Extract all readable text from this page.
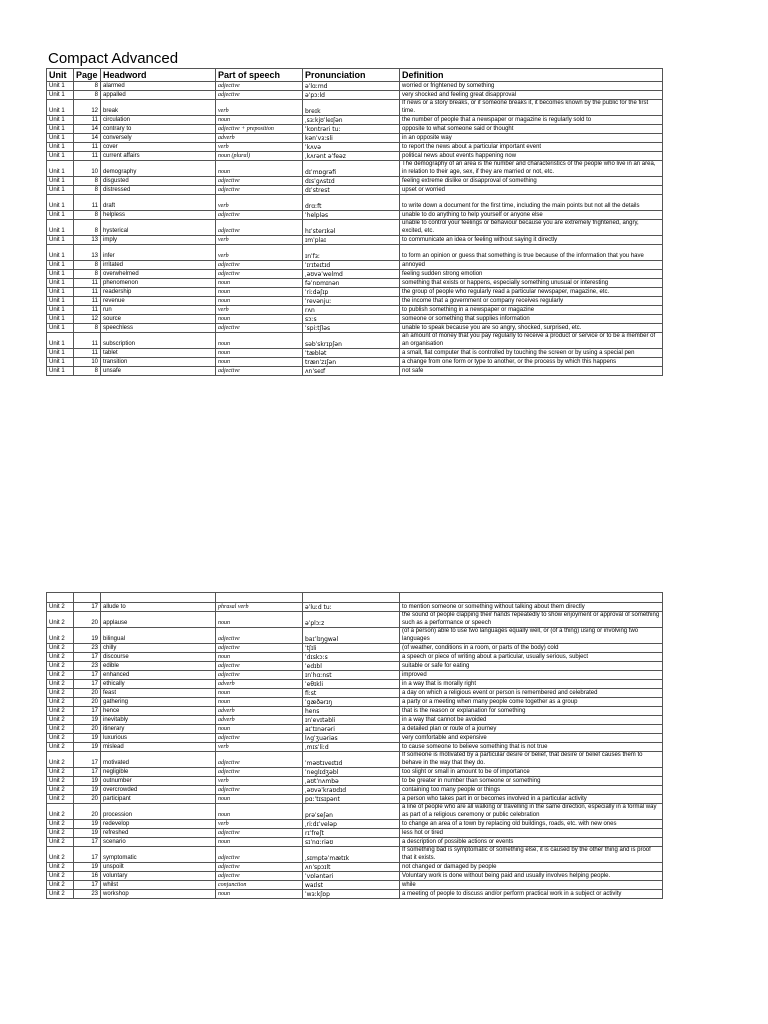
Compact Advanced
Unit	Page	Headword	Part of speech	Pronunciation	Definition
Unit 1	8	alarmed	adjective	əˈlɑːmd	worried or frightened by something
Unit 1	8	appalled	adjective	əˈpɔːld	very shocked and feeling great disapproval
Unit 1	12	break	verb	breɪk	If news or a story breaks, or if someone breaks it, it becomes known by the public for the first time.
Unit 1	11	circulation	noun	ˌsɜːkjʊˈleɪʃən	the number of people that a newspaper or magazine is regularly sold to
Unit 1	14	contrary to	adjective + preposition	ˈkɒntrəri tuː	opposite to what someone said or thought
Unit 1	14	conversely	adverb	kənˈvɜːsli	in an opposite way
Unit 1	11	cover	verb	ˈkʌvə	to report the news about a particular important event
Unit 1	11	current affairs	noun (plural)	ˌkʌrənt əˈfeəz	political news about events happening now
Unit 1	10	demography	noun	dɪˈmɒgrəfi	The demography of an area is the number and characteristics of the people who live in an area, in relation to their age, sex, if they are married or not, etc.
Unit 1	8	disgusted	adjective	dɪsˈgʌstɪd	feeling extreme dislike or disapproval of something
Unit 1	8	distressed	adjective	dɪˈstrest	upset or worried
Unit 1	11	draft	verb	drɑːft	to write down a document for the first time, including the main points but not all the details
Unit 1	8	helpless	adjective	ˈhelpləs	unable to do anything to help yourself or anyone else
Unit 1	8	hysterical	adjective	hɪˈsterɪkəl	unable to control your feelings or behaviour because you are extremely frightened, angry, excited, etc.
Unit 1	13	imply	verb	ɪmˈplaɪ	to communicate an idea or feeling without saying it directly
Unit 1	13	infer	verb	ɪnˈfɜː	to form an opinion or guess that something is true because of the information that you have
Unit 1	8	irritated	adjective	ˈɪrɪteɪtɪd	annoyed
Unit 1	8	overwhelmed	adjective	ˌəʊvəˈwelmd	feeling sudden strong emotion
Unit 1	11	phenomenon	noun	fəˈnɒmɪnən	something that exists or happens, especially something unusual or interesting
Unit 1	11	readership	noun	ˈriːdəʃɪp	the group of people who regularly read a particular newspaper, magazine, etc.
Unit 1	11	revenue	noun	ˈrevənjuː	the income that a government or company receives regularly
Unit 1	11	run	verb	rʌn	to publish something in a newspaper or magazine
Unit 1	12	source	noun	sɔːs	someone or something that supplies information
Unit 1	8	speechless	adjective	ˈspiːtʃləs	unable to speak because you are so angry, shocked, surprised, etc.
Unit 1	11	subscription	noun	səbˈskrɪpʃən	an amount of money that you pay regularly to receive a product or service or to be a member of an organisation
Unit 1	11	tablet	noun	ˈtæblət	a small, flat computer that is controlled by touching the screen or by using a special pen
Unit 1	10	transition	noun	trænˈzɪʃən	a change from one form or type to another, or the process by which this happens
Unit 1	8	unsafe	adjective	ʌnˈseɪf	not safe

Unit 2	17	allude to	phrasal verb	əˈluːd tuː	to mention someone or something without talking about them directly
Unit 2	20	applause	noun	əˈplɔːz	the sound of people clapping their hands repeatedly to show enjoyment or approval of something such as a performance or speech
Unit 2	19	bilingual	adjective	baɪˈlɪŋgwəl	(of a person) able to use two languages equally well, or (of a thing) using or involving two languages
Unit 2	23	chilly	adjective	ˈtʃɪli	(of weather, conditions in a room, or parts of the body) cold
Unit 2	17	discourse	noun	ˈdɪskɔːs	a speech or piece of writing about a particular, usually serious, subject
Unit 2	23	edible	adjective	ˈedɪbl	suitable or safe for eating
Unit 2	17	enhanced	adjective	ɪnˈhɑːnst	improved
Unit 2	17	ethically	adverb	ˈeθɪkli	in a way that is morally right
Unit 2	20	feast	noun	fiːst	a day on which a religious event or person is remembered and celebrated
Unit 2	20	gathering	noun	ˈgæðərɪŋ	a party or a meeting when many people come together as a group
Unit 2	17	hence	adverb	hens	that is the reason or explanation for something
Unit 2	19	inevitably	adverb	ɪnˈevɪtəbli	in a way that cannot be avoided
Unit 2	20	itinerary	noun	aɪˈtɪnərəri	a detailed plan or route of a journey
Unit 2	19	luxurious	adjective	lʌgˈʒuəriəs	very comfortable and expensive
Unit 2	19	mislead	verb	ˌmɪsˈliːd	to cause someone to believe something that is not true
Unit 2	17	motivated	adjective	ˈməʊtɪveɪtɪd	If someone is motivated by a particular desire or belief, that desire or belief causes them to behave in the way that they do.
Unit 2	17	negligible	adjective	ˈneglɪdʒəbl	too slight or small in amount to be of importance
Unit 2	19	outnumber	verb	ˌaʊtˈnʌmbə	to be greater in number than someone or something
Unit 2	19	overcrowded	adjective	ˌəʊvəˈkraʊdɪd	containing too many people or things
Unit 2	20	participant	noun	pɑːˈtɪsɪpənt	a person who takes part in or becomes involved in a particular activity
Unit 2	20	procession	noun	prəˈseʃən	a line of people who are all walking or travelling in the same direction, especially in a formal way as part of a religious ceremony or public celebration
Unit 2	19	redevelop	verb	ˌriːdɪˈveləp	to change an area of a town by replacing old buildings, roads, etc. with new ones
Unit 2	19	refreshed	adjective	rɪˈfreʃt	less hot or tired
Unit 2	17	scenario	noun	sɪˈnɑːriəʊ	a description of possible actions or events
Unit 2	17	symptomatic	adjective	ˌsɪmptəˈmætɪk	If something bad is symptomatic of something else, it is caused by the other thing and is proof that it exists.
Unit 2	19	unspoilt	adjective	ʌnˈspɔɪlt	not changed or damaged by people
Unit 2	16	voluntary	adjective	ˈvɒləntəri	Voluntary work is done without being paid and usually involves helping people.
Unit 2	17	whilst	conjunction	waɪlst	while
Unit 2	23	workshop	noun	ˈwɜːkʃɒp	a meeting of people to discuss and/or perform practical work in a subject or activity
